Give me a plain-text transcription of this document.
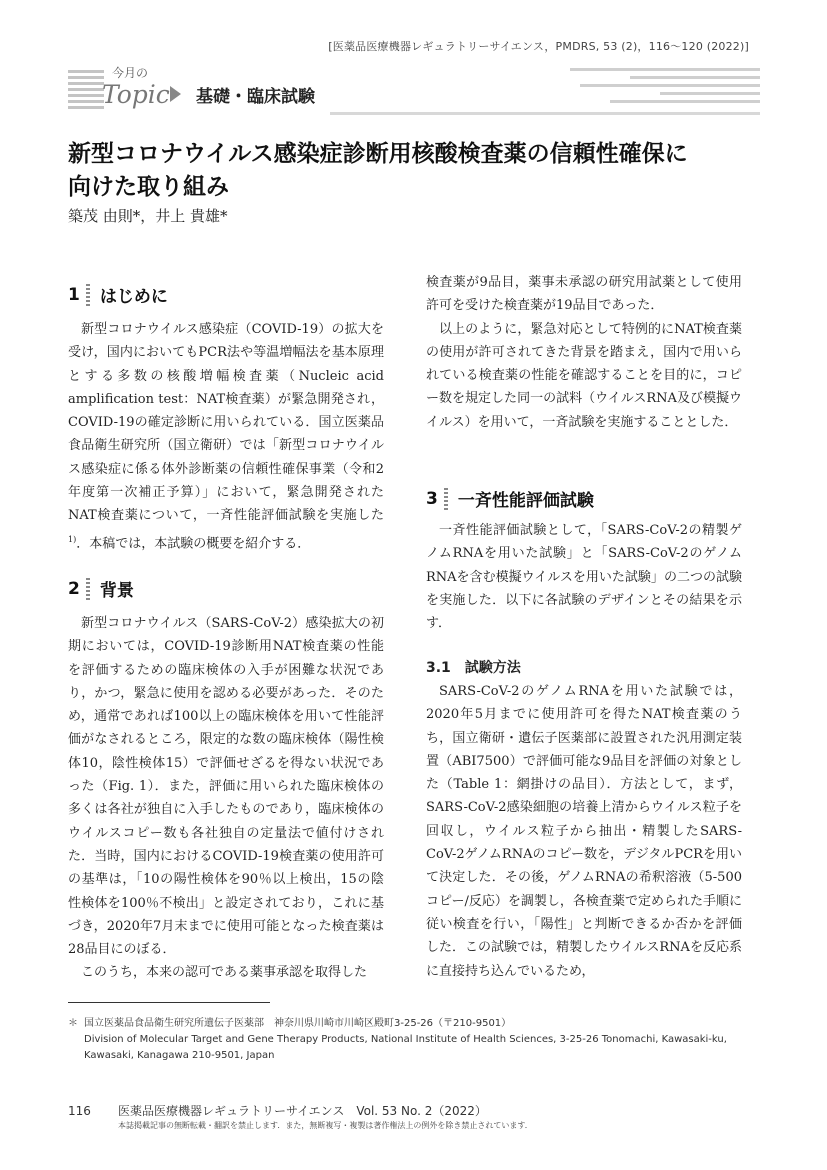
[医薬品医療機器レギュラトリーサイエンス，PMDRS, 53 (2)，116～120 (2022)]
今月の
Topic 基礎・臨床試験
新型コロナウイルス感染症診断用核酸検査薬の信頼性確保に
向けた取り組み
築茂 由則*，井上 貴雄*
1 はじめに

新型コロナウイルス感染症（COVID-19）の拡大を受け，国内においてもPCR法や等温増幅法を基本原理とする多数の核酸増幅検査薬（Nucleic acid amplification test：NAT検査薬）が緊急開発され，COVID-19の確定診断に用いられている．国立医薬品食品衛生研究所（国立衛研）では「新型コロナウイルス感染症に係る体外診断薬の信頼性確保事業（令和2年度第一次補正予算）」において，緊急開発されたNAT検査薬について，一斉性能評価試験を実施した$^{1)}$．本稿では，本試験の概要を紹介する．

2 背景

新型コロナウイルス（SARS-CoV-2）感染拡大の初期においては，COVID-19診断用NAT検査薬の性能を評価するための臨床検体の入手が困難な状況であり，かつ，緊急に使用を認める必要があった．そのため，通常であれば100以上の臨床検体を用いて性能評価がなされるところ，限定的な数の臨床検体（陽性検体10，陰性検体15）で評価せざるを得ない状況であった（Fig. 1）．また，評価に用いられた臨床検体の多くは各社が独自に入手したものであり，臨床検体のウイルスコピー数も各社独自の定量法で値付けされた．当時，国内におけるCOVID-19検査薬の使用許可の基準は，「10の陽性検体を90％以上検出，15の陰性検体を100％不検出」と設定されており，これに基づき，2020年7月末までに使用可能となった検査薬は28品目にのぼる．

このうち，本来の認可である薬事承認を取得した

検査薬が9品目，薬事未承認の研究用試薬として使用許可を受けた検査薬が19品目であった．

以上のように，緊急対応として特例的にNAT検査薬の使用が許可されてきた背景を踏まえ，国内で用いられている検査薬の性能を確認することを目的に，コピー数を規定した同一の試料（ウイルスRNA及び模擬ウイルス）を用いて，一斉試験を実施することとした．

3 一斉性能評価試験

一斉性能評価試験として，「SARS-CoV-2の精製ゲノムRNAを用いた試験」と「SARS-CoV-2のゲノムRNAを含む模擬ウイルスを用いた試験」の二つの試験を実施した．以下に各試験のデザインとその結果を示す．

3.1　試験方法

SARS-CoV-2のゲノムRNAを用いた試験では，2020年5月までに使用許可を得たNAT検査薬のうち，国立衛研・遺伝子医薬部に設置された汎用測定装置（ABI7500）で評価可能な9品目を評価の対象とした（Table 1：網掛けの品目）．方法として，まず，SARS-CoV-2感染細胞の培養上清からウイルス粒子を回収し，ウイルス粒子から抽出・精製したSARS-CoV-2ゲノムRNAのコピー数を，デジタルPCRを用いて決定した．その後，ゲノムRNAの希釈溶液（5-500コピー/反応）を調製し，各検査薬で定められた手順に従い検査を行い，「陽性」と判断できるか否かを評価した．この試験では，精製したウイルスRNAを反応系に直接持ち込んでいるため，

＊ 国立医薬品食品衛生研究所遺伝子医薬部　神奈川県川崎市川崎区殿町3-25-26（〒210-9501）
Division of Molecular Target and Gene Therapy Products, National Institute of Health Sciences, 3-25-26 Tonomachi, Kawasaki-ku, Kawasaki, Kanagawa 210-9501, Japan
116 医薬品医療機器レギュラトリーサイエンス　Vol. 53 No. 2（2022）
本誌掲載記事の無断転載・翻訳を禁止します．また，無断複写・複製は著作権法上の例外を除き禁止されています．
